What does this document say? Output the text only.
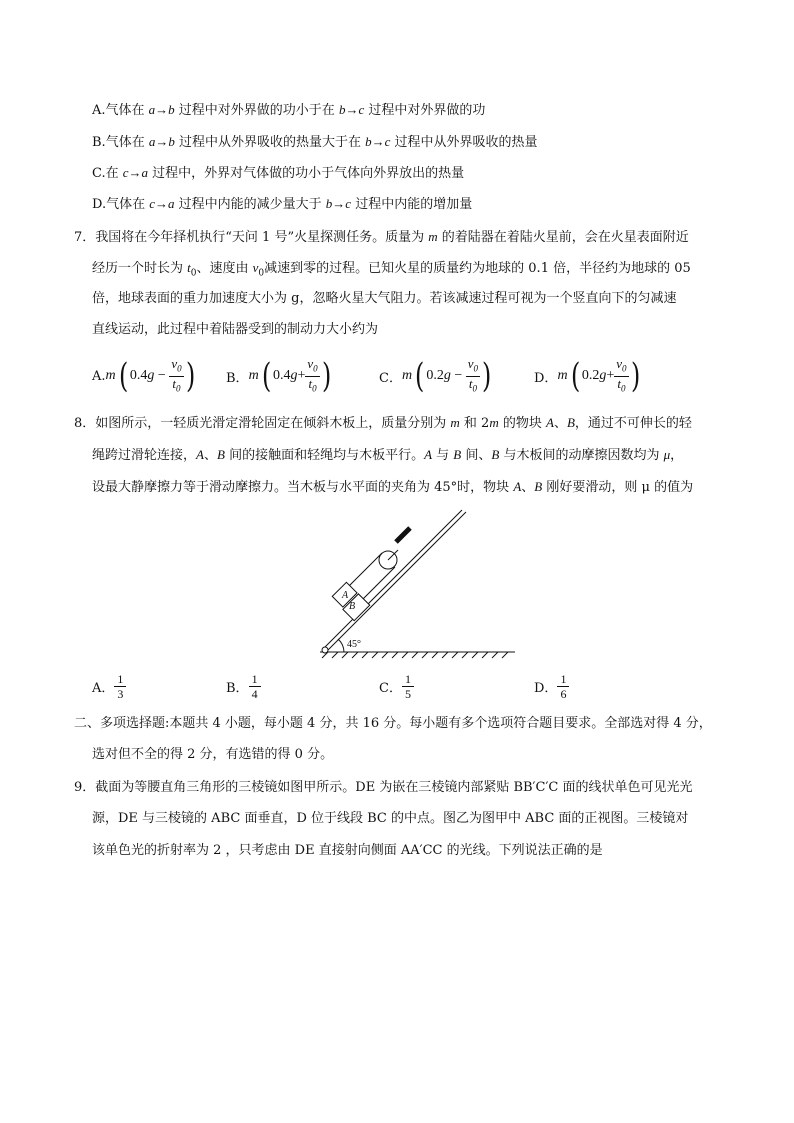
A.气体在 a→b 过程中对外界做的功小于在 b→c 过程中对外界做的功
B.气体在 a→b 过程中从外界吸收的热量大于在 b→c 过程中从外界吸收的热量
C.在 c→a 过程中，外界对气体做的功小于气体向外界放出的热量
D.气体在 c→a 过程中内能的减少量大于 b→c 过程中内能的增加量
7．我国将在今年择机执行“天问 1 号”火星探测任务。质量为 m 的着陆器在着陆火星前，会在火星表面附近
经历一个时长为 $t_0$、速度由 $v_0$减速到零的过程。已知火星的质量约为地球的 0.1 倍，半径约为地球的 05
倍，地球表面的重力加速度大小为 g，忽略火星大气阻力。若该减速过程可视为一个竖直向下的匀减速
直线运动，此过程中着陆器受到的制动力大小约为
A. m ( 0.4 g
−
$\frac{v_0}{t_0}$ ) B． m ( 0.4 $g + \frac{v_0}{t_0}$ )	C． m ( 0.2 g
−
$\frac{v_0}{t_0}$ )	D． m ( 0.2 $g + \frac{v_0}{t_0}$ )
8．如图所示，一轻质光滑定滑轮固定在倾斜木板上，质量分别为 m 和 2m 的物块 A、B，通过不可伸长的轻
绳跨过滑轮连接，A、B 间的接触面和轻绳均与木板平行。A 与 B 间、B 与木板间的动摩擦因数均为 μ，
设最大静摩擦力等于滑动摩擦力。当木板与水平面的夹角为 45°时，物块 A、B 刚好要滑动，则 μ 的值为
45°
B
A
A． $\frac{1}{3}$	B． $\frac{1}{4}$	C． $\frac{1}{5}$	D． $\frac{1}{6}$
二、多项选择题:本题共 4 小题，每小题 4 分，共 16 分。每小题有多个选项符合题目要求。全部选对得 4 分，
选对但不全的得 2 分，有选错的得 0 分。
9．截面为等腰直角三角形的三棱镜如图甲所示。DE 为嵌在三棱镜内部紧贴 BB′C′C 面的线状单色可见光光
源，DE 与三棱镜的 ABC 面垂直，D 位于线段 BC 的中点。图乙为图甲中 ABC 面的正视图。三棱镜对
该单色光的折射率为 2 ，只考虑由 DE 直接射向侧面 AA′CC 的光线。下列说法正确的是
